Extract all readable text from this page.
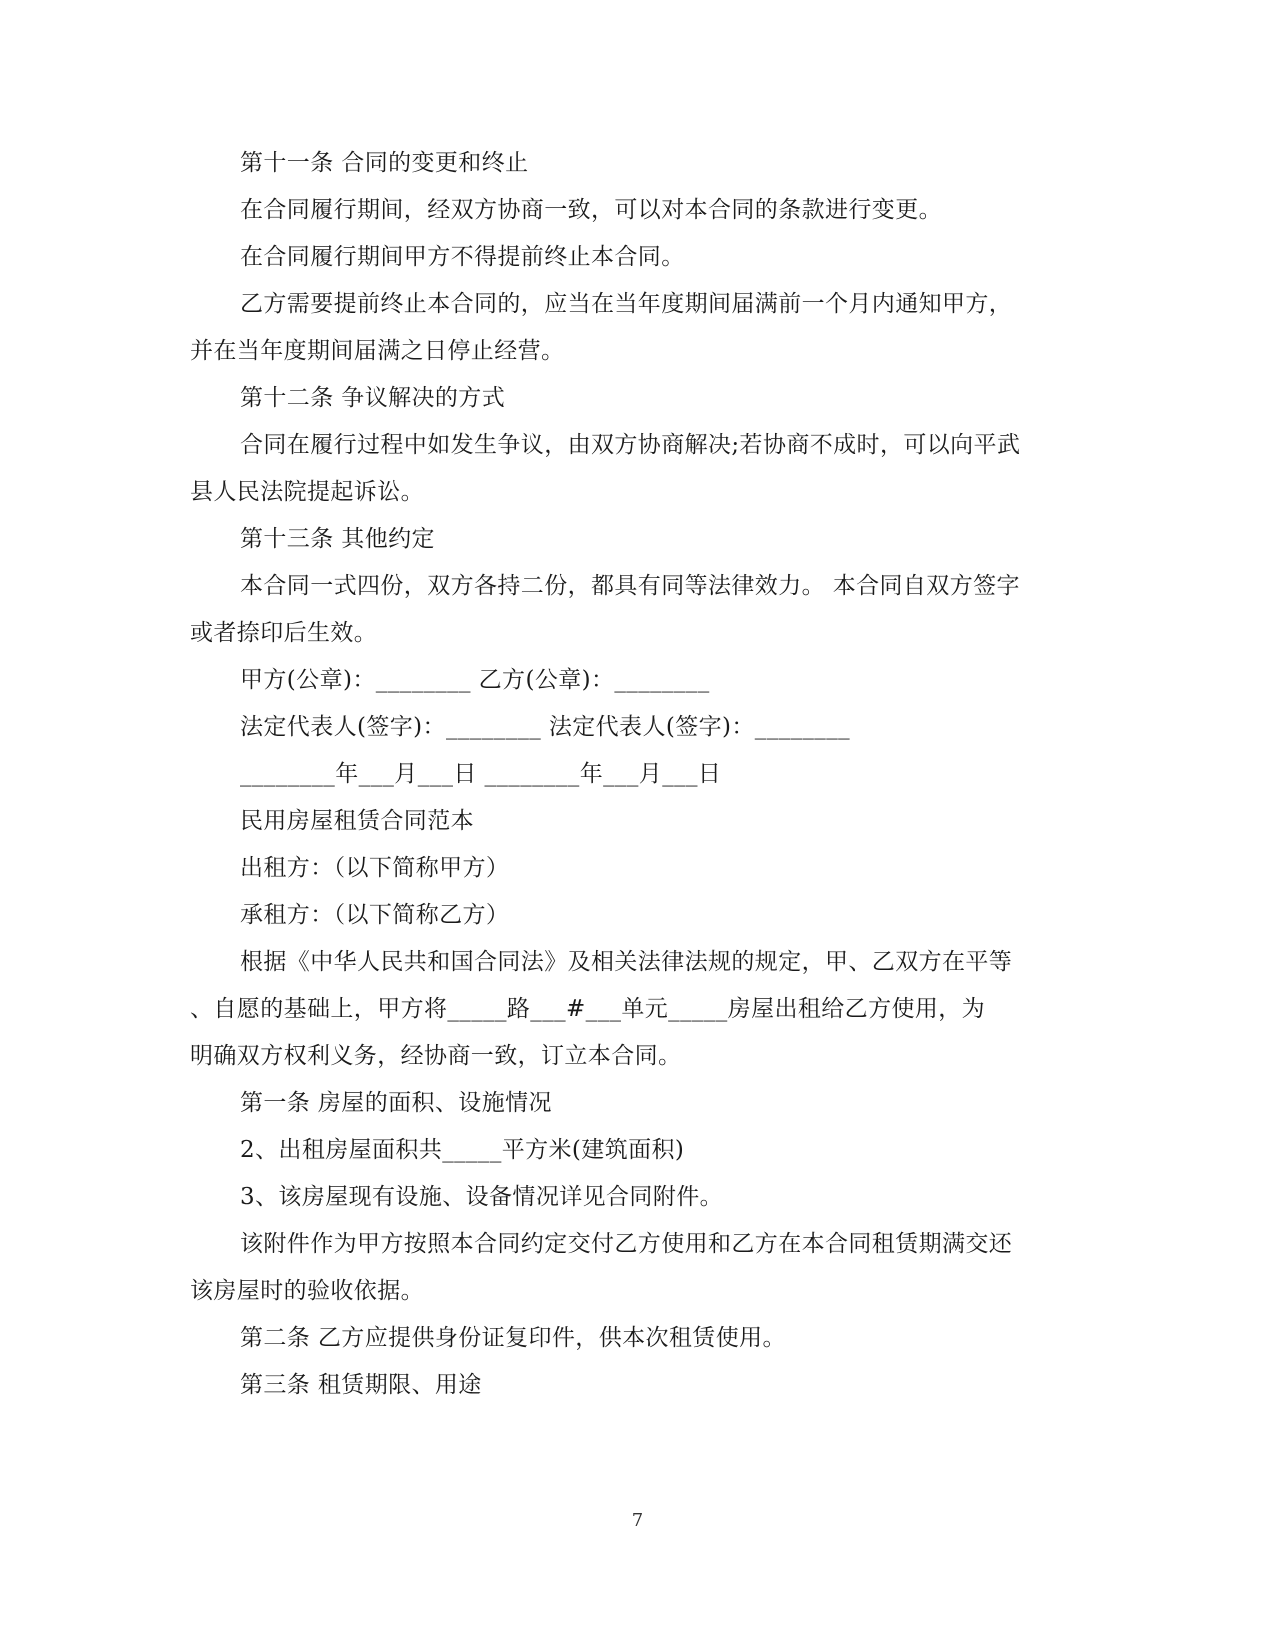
第十一条 合同的变更和终止
在合同履行期间，经双方协商一致，可以对本合同的条款进行变更。
在合同履行期间甲方不得提前终止本合同。
乙方需要提前终止本合同的，应当在当年度期间届满前一个月内通知甲方，
并在当年度期间届满之日停止经营。
第十二条 争议解决的方式
合同在履行过程中如发生争议，由双方协商解决;若协商不成时，可以向平武
县人民法院提起诉讼。
第十三条 其他约定
本合同一式四份，双方各持二份，都具有同等法律效力。 本合同自双方签字
或者捺印后生效。
甲方(公章)：________ 乙方(公章)：________
法定代表人(签字)：________ 法定代表人(签字)：________
________年___月___日 ________年___月___日
民用房屋租赁合同范本
出租方：（以下简称甲方）
承租方：（以下简称乙方）
根据《中华人民共和国合同法》及相关法律法规的规定，甲、乙双方在平等
、自愿的基础上，甲方将_____路___#___单元_____房屋出租给乙方使用，为
明确双方权利义务，经协商一致，订立本合同。
第一条 房屋的面积、设施情况
2、出租房屋面积共_____平方米(建筑面积)
3、该房屋现有设施、设备情况详见合同附件。
该附件作为甲方按照本合同约定交付乙方使用和乙方在本合同租赁期满交还
该房屋时的验收依据。
第二条 乙方应提供身份证复印件，供本次租赁使用。
第三条 租赁期限、用途
7
